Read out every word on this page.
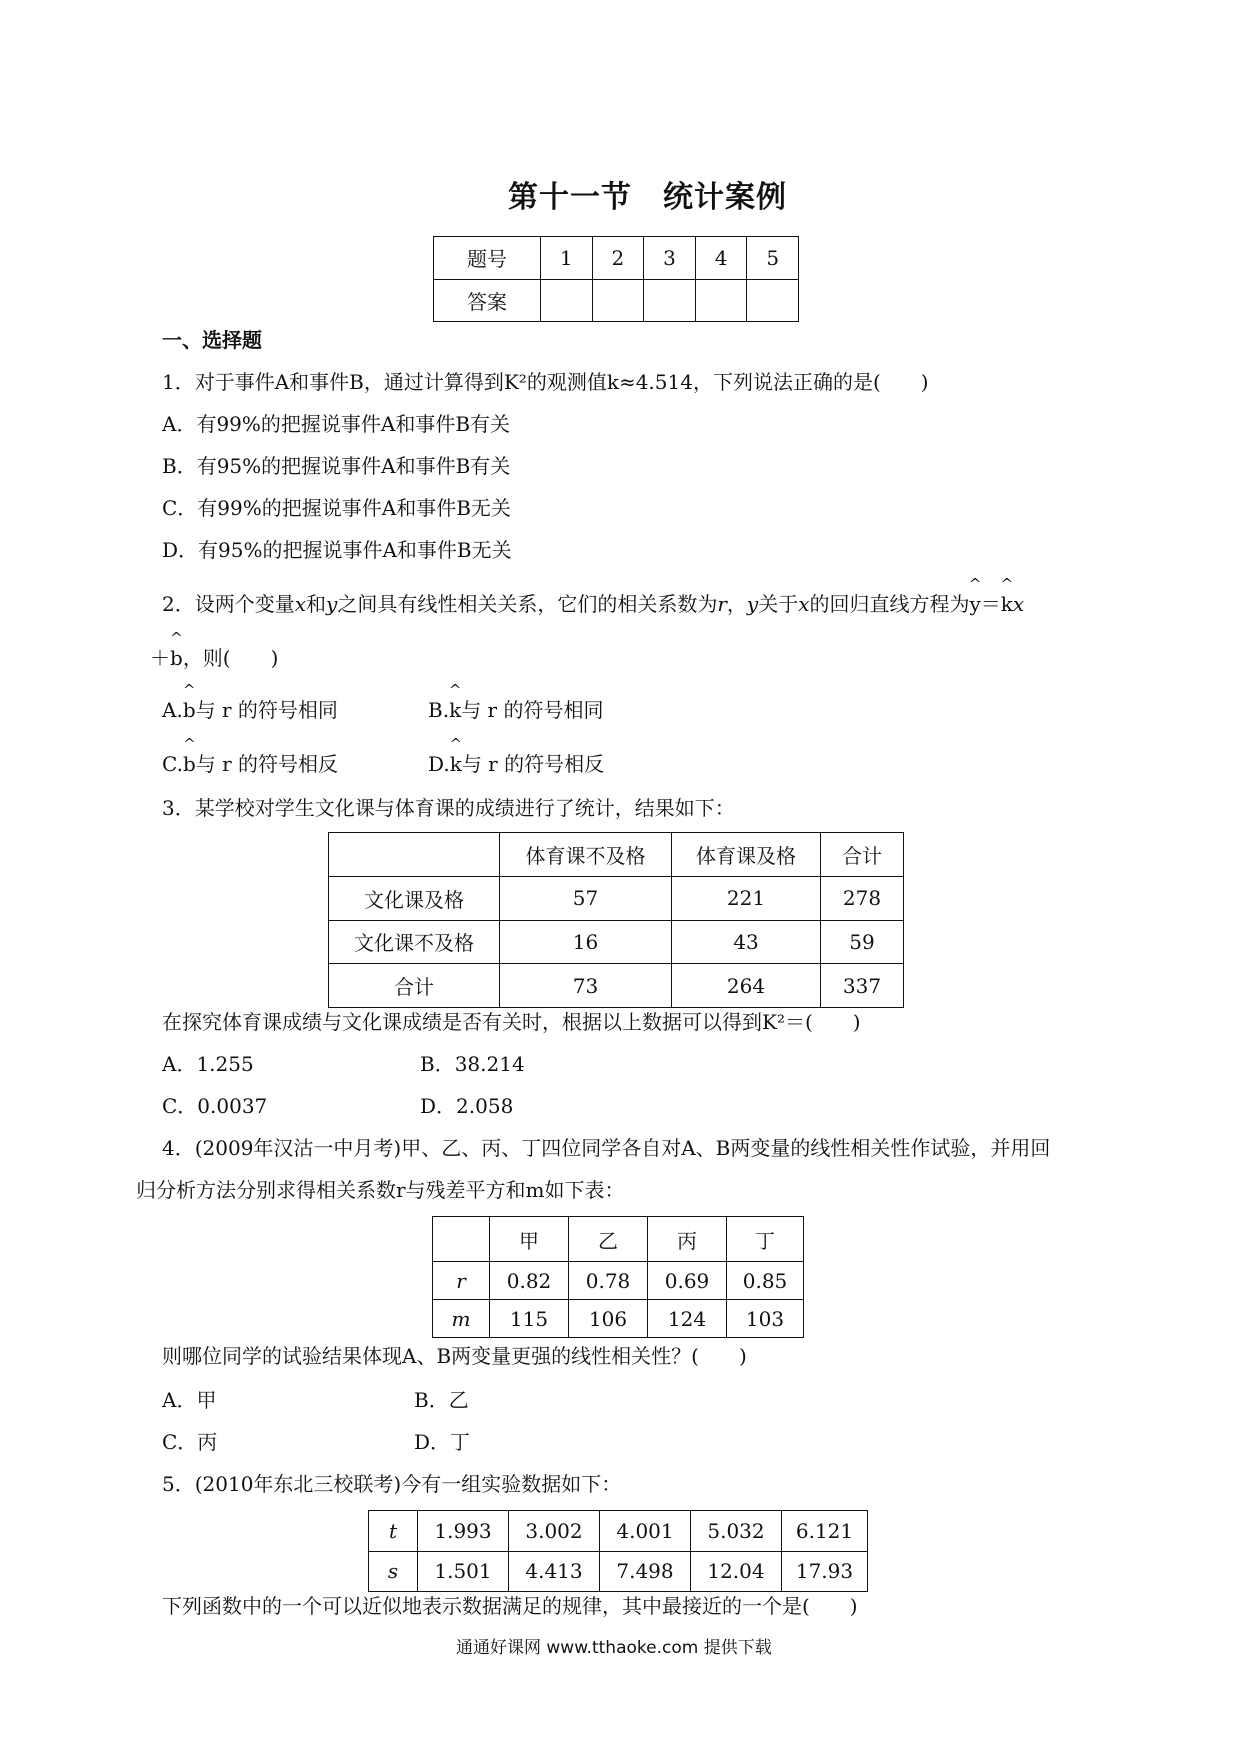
第十一节　统计案例
题号	1	2	3	4	5
答案					
一、选择题
1．对于事件A和事件B，通过计算得到K²的观测值k≈4.514，下列说法正确的是(　　)
A．有99%的把握说事件A和事件B有关
B．有95%的把握说事件A和事件B有关
C．有99%的把握说事件A和事件B无关
D．有95%的把握说事件A和事件B无关
2．设两个变量x和y之间具有线性相关关系，它们的相关系数为r，y关于x的回归直线方程为^ y＝^ kx
＋^ b，则(　　)
A.^ b与 r 的符号相同	B.^ k与 r 的符号相同
C.^ b与 r 的符号相反	D.^ k与 r 的符号相反
3．某学校对学生文化课与体育课的成绩进行了统计，结果如下：
	体育课不及格	体育课及格	合计
文化课及格	57	221	278
文化课不及格	16	43	59
合计	73	264	337
在探究体育课成绩与文化课成绩是否有关时，根据以上数据可以得到K²＝(　　)
A．1.255	B．38.214
C．0.0037	D．2.058
4．(2009年汉沽一中月考)甲、乙、丙、丁四位同学各自对A、B两变量的线性相关性作试验，并用回
归分析方法分别求得相关系数r与残差平方和m如下表：
	甲	乙	丙	丁
r	0.82	0.78	0.69	0.85
m	115	106	124	103
则哪位同学的试验结果体现A、B两变量更强的线性相关性？(　　)
A．甲	B．乙
C．丙	D．丁
5．(2010年东北三校联考)今有一组实验数据如下：
t	1.993	3.002	4.001	5.032	6.121
s	1.501	4.413	7.498	12.04	17.93
下列函数中的一个可以近似地表示数据满足的规律，其中最接近的一个是(　　)
通通好课网 www.tthaoke.com 提供下载
